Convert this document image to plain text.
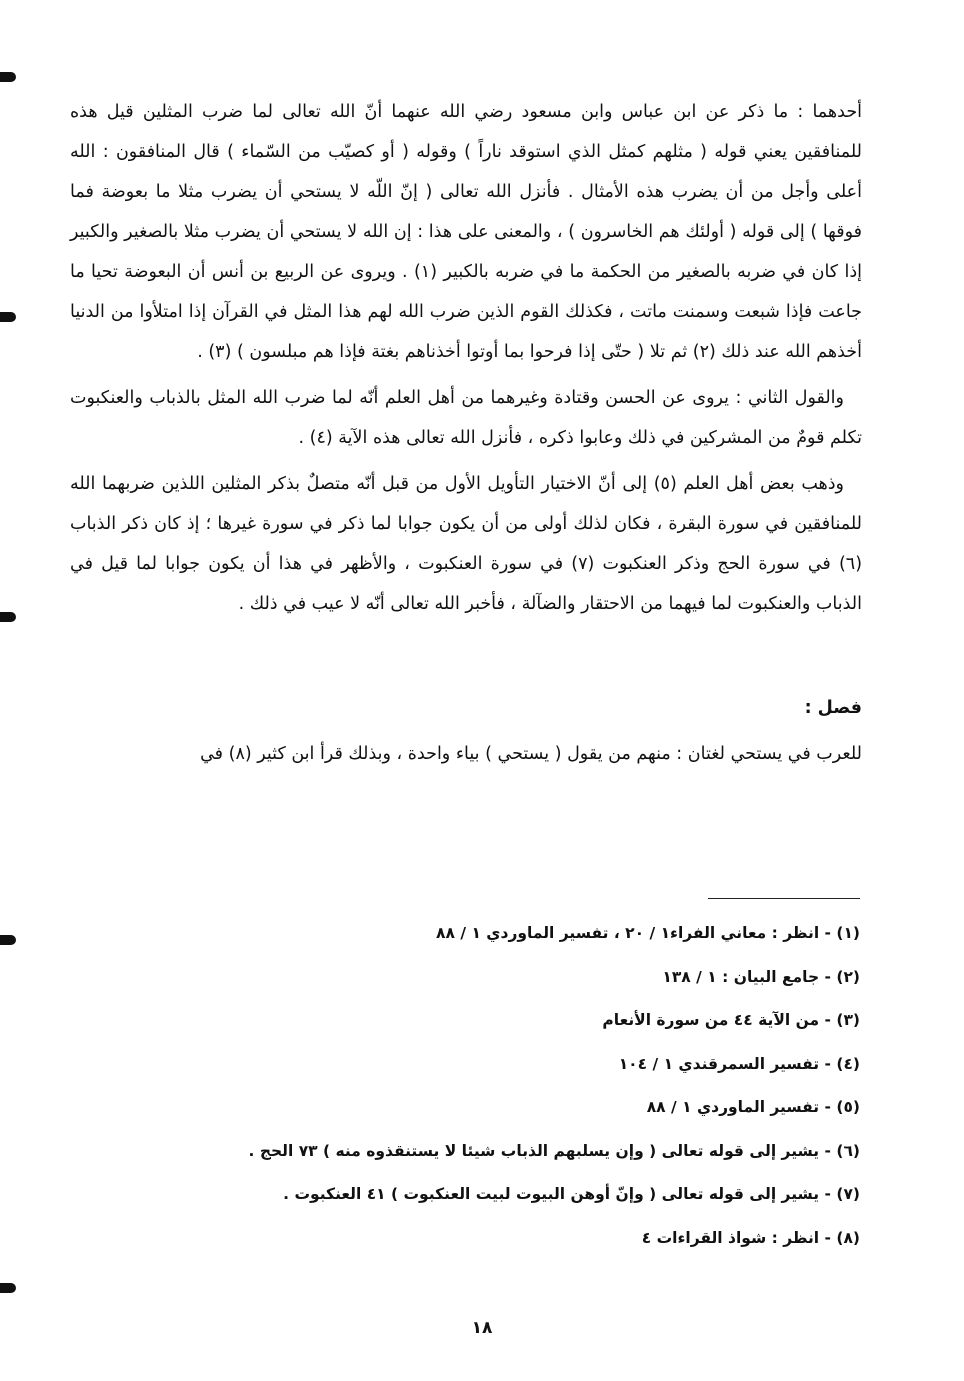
أحدهما : ما ذكر عن ابن عباس وابن مسعود رضي الله عنهما أنّ الله تعالى لما ضرب المثلين قيل هذه للمنافقين يعني قوله ( مثلهم كمثل الذي استوقد ناراً ) وقوله ( أو كصيّب من السّماء ) قال المنافقون : الله أعلى وأجل من أن يضرب هذه الأمثال . فأنزل الله تعالى ( إنّ اللّه لا يستحي أن يضرب مثلا ما بعوضة فما فوقها ) إلى قوله ( أولئك هم الخاسرون ) ، والمعنى على هذا : إن الله لا يستحي أن يضرب مثلا بالصغير والكبير إذا كان في ضربه بالصغير من الحكمة ما في ضربه بالكبير (١) . ويروى عن الربيع بن أنس أن البعوضة تحيا ما جاعت فإذا شبعت وسمنت ماتت ، فكذلك القوم الذين ضرب الله لهم هذا المثل في القرآن إذا امتلأوا من الدنيا أخذهم الله عند ذلك (٢) ثم تلا ( حتّى إذا فرحوا بما أوتوا أخذناهم بغتة فإذا هم مبلسون ) (٣) .

والقول الثاني : يروى عن الحسن وقتادة وغيرهما من أهل العلم أنّه لما ضرب الله المثل بالذباب والعنكبوت تكلم قومٌ من المشركين في ذلك وعابوا ذكره ، فأنزل الله تعالى هذه الآية (٤) .

وذهب بعض أهل العلم (٥) إلى أنّ الاختيار التأويل الأول من قبل أنّه متصلٌ بذكر المثلين اللذين ضربهما الله للمنافقين في سورة البقرة ، فكان لذلك أولى من أن يكون جوابا لما ذكر في سورة غيرها ؛ إذ كان ذكر الذباب (٦) في سورة الحج وذكر العنكبوت (٧) في سورة العنكبوت ، والأظهر في هذا أن يكون جوابا لما قيل في الذباب والعنكبوت لما فيهما من الاحتقار والضآلة ، فأخبر الله تعالى أنّه لا عيب في ذلك .

فصل :

للعرب في يستحي لغتان : منهم من يقول ( يستحي ) بياء واحدة ، وبذلك قرأ ابن كثير (٨) في

(١) - انظر : معاني الفراء١ / ٢٠ ، تفسير الماوردي ١ / ٨٨
(٢) - جامع البيان : ١ / ١٣٨
(٣) - من الآية ٤٤ من سورة الأنعام
(٤) - تفسير السمرقندي ١ / ١٠٤
(٥) - تفسير الماوردي ١ / ٨٨
(٦) - يشير إلى قوله تعالى ( وإن يسلبهم الذباب شيئا لا يستنقذوه منه ) ٧٣ الحج .
(٧) - يشير إلى قوله تعالى ( وإنّ أوهن البيوت لبيت العنكبوت ) ٤١ العنكبوت .
(٨) - انظر : شواذ القراءات ٤
١٨
